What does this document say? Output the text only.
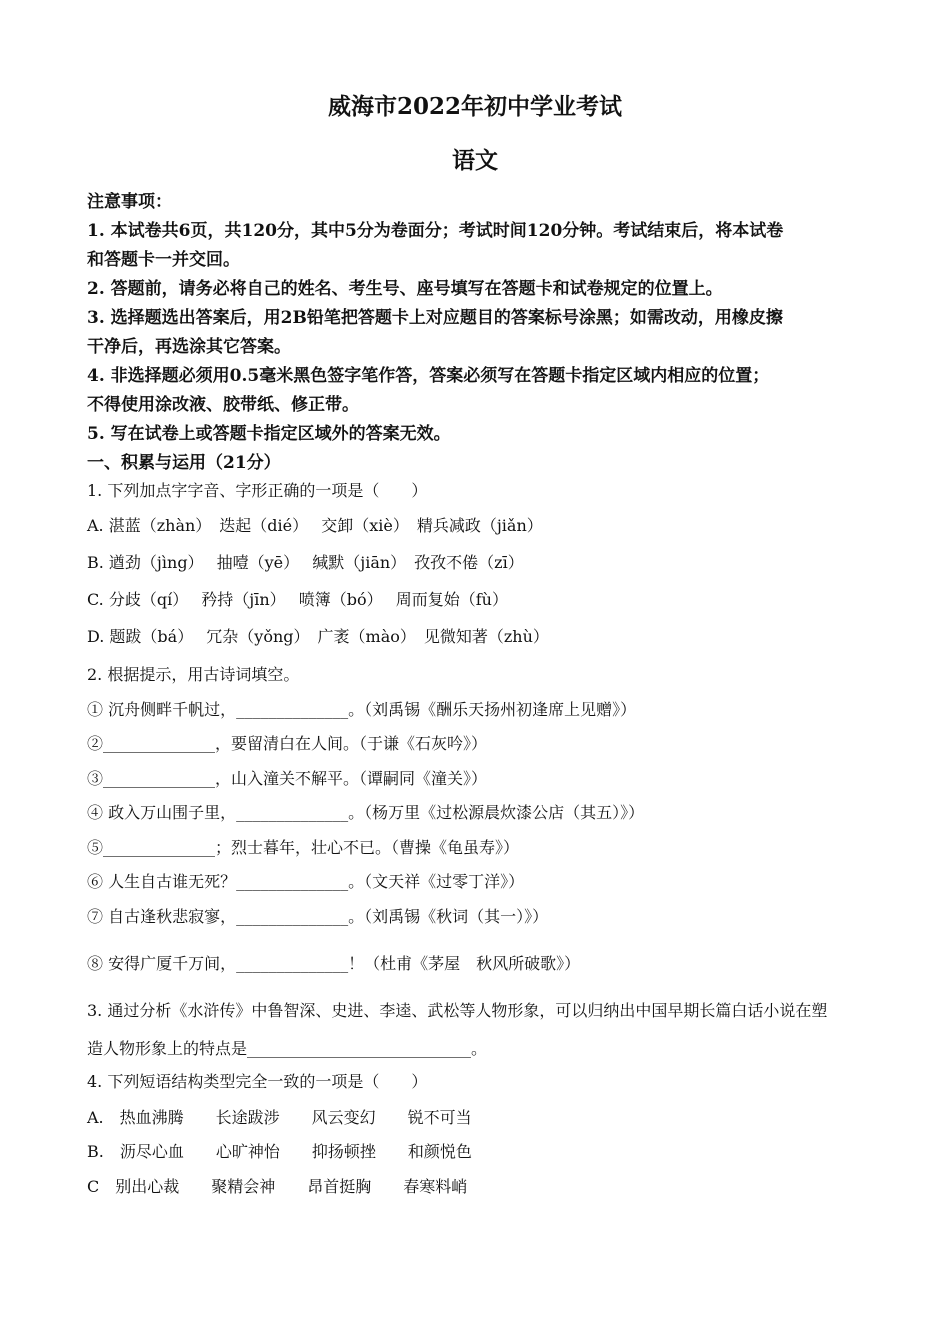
威海市2022年初中学业考试
语文
注意事项：
1. 本试卷共6页，共120分，其中5分为卷面分；考试时间120分钟。考试结束后，将本试卷
和答题卡一并交回。
2. 答题前，请务必将自己的姓名、考生号、座号填写在答题卡和试卷规定的位置上。
3. 选择题选出答案后，用2B铅笔把答题卡上对应题目的答案标号涂黑；如需改动，用橡皮擦
干净后，再选涂其它答案。
4. 非选择题必须用0.5毫米黑色签字笔作答，答案必须写在答题卡指定区域内相应的位置；
不得使用涂改液、胶带纸、修正带。
5. 写在试卷上或答题卡指定区域外的答案无效。
一、积累与运用（21分）
1. 下列加点字字音、字形正确的一项是（　　）
A. 湛蓝（zhàn）　迭起（dié）　 交卸（xiè）　精兵减政（jiǎn）
B. 遒劲（jìng）　 抽噎（yē）　 缄默（jiān）　孜孜不倦（zī）
C. 分歧（qí）　 矜持（jīn）　 喷簿（bó）　 周而复始（fù）
D. 题跋（bá）　 冗杂（yǒng）　广袤（mào）　见微知著（zhù）
2. 根据提示，用古诗词填空。
① 沉舟侧畔千帆过，______________。（刘禹锡《酬乐天扬州初逢席上见赠》）
②______________，要留清白在人间。（于谦《石灰吟》）
③______________，山入潼关不解平。（谭嗣同《潼关》）
④ 政入万山围子里，______________。（杨万里《过松源晨炊漆公店（其五）》）
⑤______________；烈士暮年，壮心不已。（曹操《龟虽寿》）
⑥ 人生自古谁无死？______________。（文天祥《过零丁洋》）
⑦ 自古逢秋悲寂寥，______________。（刘禹锡《秋词（其一）》）
⑧ 安得广厦千万间，______________！（杜甫《茅屋　秋风所破歌》）
3. 通过分析《水浒传》中鲁智深、史进、李逵、武松等人物形象，可以归纳出中国早期长篇白话小说在塑
造人物形象上的特点是____________________________。
4. 下列短语结构类型完全一致的一项是（　　）
A.　热血沸腾　　长途跋涉　　风云变幻　　锐不可当
B.　沥尽心血　　心旷神怡　　抑扬顿挫　　和颜悦色
C　别出心裁　　聚精会神　　昂首挺胸　　春寒料峭
